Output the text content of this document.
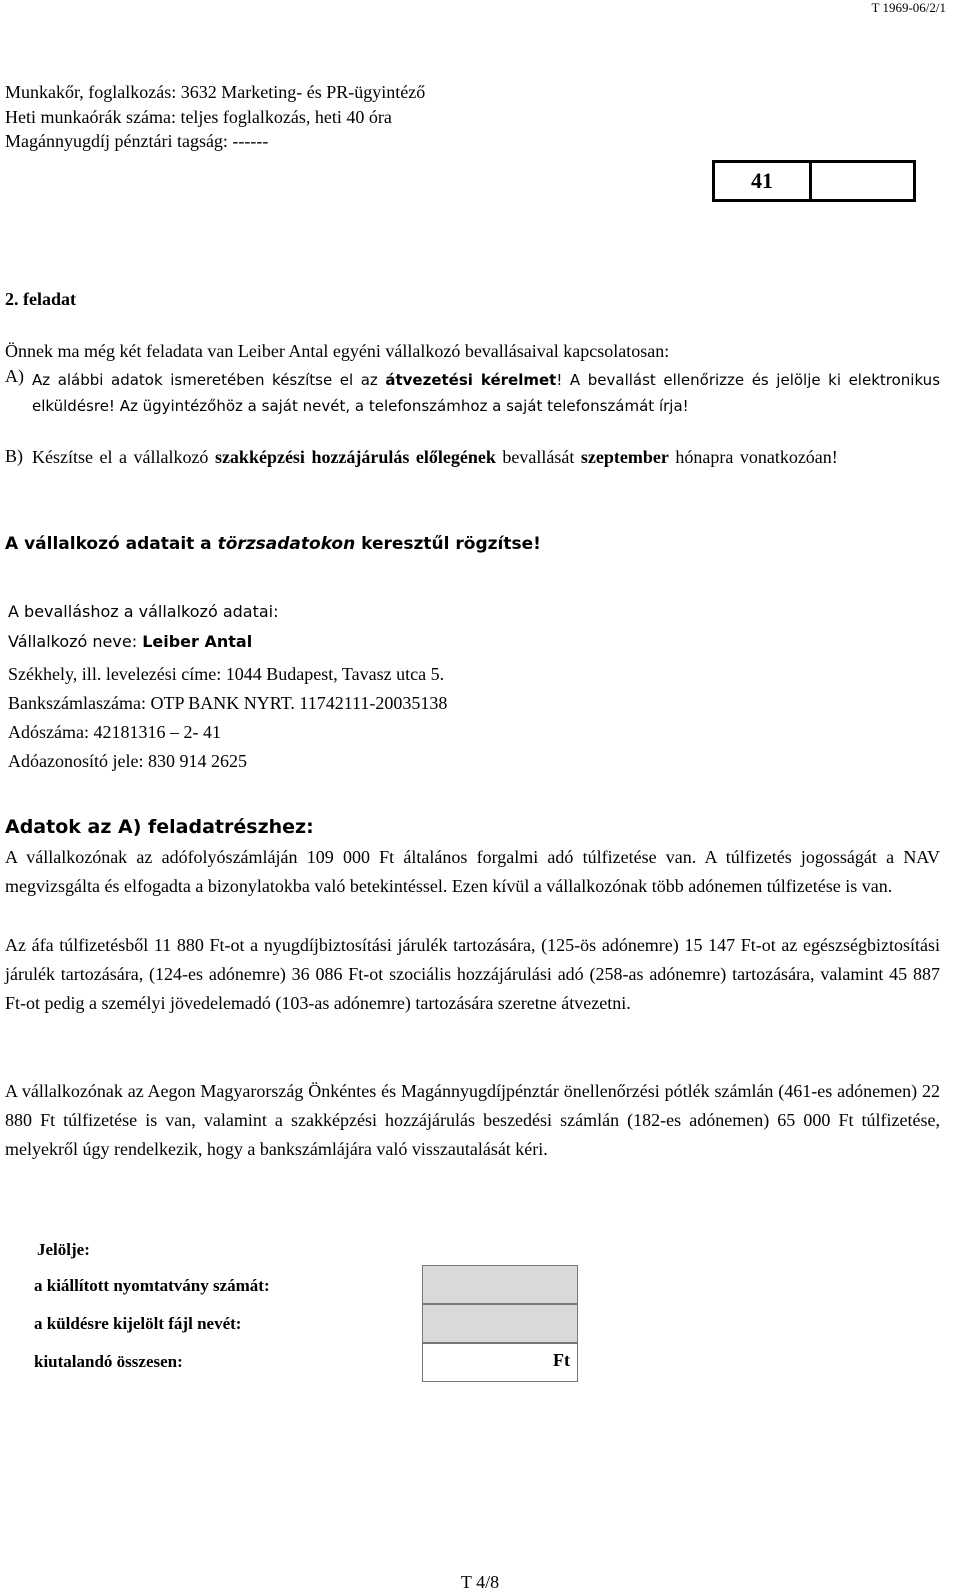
T 1969-06/2/1
Munkakőr, foglalkozás: 3632 Marketing- és PR-ügyintéző
Heti munkaórák száma: teljes foglalkozás, heti 40 óra
Magánnyugdíj pénztári tagság: ------
41
2. feladat
Önnek ma még két feladata van Leiber Antal egyéni vállalkozó bevallásaival kapcsolatosan:
A) Az alábbi adatok ismeretében készítse el az átvezetési kérelmet! A bevallást ellenőrizze és jelölje ki elektronikus elküldésre! Az ügyintézőhöz a saját nevét, a telefonszámhoz a saját telefonszámát írja!
B) Készítse el a vállalkozó szakképzési hozzájárulás előlegének bevallását szeptember hónapra vonatkozóan!
A vállalkozó adatait a törzsadatokon keresztűl rögzítse!
A bevalláshoz a vállalkozó adatai:
Vállalkozó neve: Leiber Antal
Székhely, ill. levelezési címe: 1044 Budapest, Tavasz utca 5.
Bankszámlaszáma: OTP BANK NYRT. 11742111-20035138
Adószáma: 42181316 – 2- 41
Adóazonosító jele: 830 914 2625
Adatok az A) feladatrészhez:
A vállalkozónak az adófolyószámláján 109 000 Ft általános forgalmi adó túlfizetése van. A túlfizetés jogosságát a NAV megvizsgálta és elfogadta a bizonylatokba való betekintéssel. Ezen kívül a vállalkozónak több adónemen túlfizetése is van.
Az áfa túlfizetésből 11 880 Ft-ot a nyugdíjbiztosítási járulék tartozására, (125-ös adónemre) 15 147 Ft-ot az egészségbiztosítási járulék tartozására, (124-es adónemre) 36 086 Ft-ot szociális hozzájárulási adó (258-as adónemre) tartozására, valamint 45 887 Ft-ot pedig a személyi jövedelemadó (103-as adónemre) tartozására szeretne átvezetni.
A vállalkozónak az Aegon Magyarország Önkéntes és Magánnyugdíjpénztár önellenőrzési pótlék számlán (461-es adónemen) 22 880 Ft túlfizetése is van, valamint a szakképzési hozzájárulás beszedési számlán (182-es adónemen) 65 000 Ft túlfizetése, melyekről úgy rendelkezik, hogy a bankszámlájára való visszautalását kéri.
Jelölje:
a kiállított nyomtatvány számát:
a küldésre kijelölt fájl nevét:
kiutalandó összesen:	Ft
T 4/8
